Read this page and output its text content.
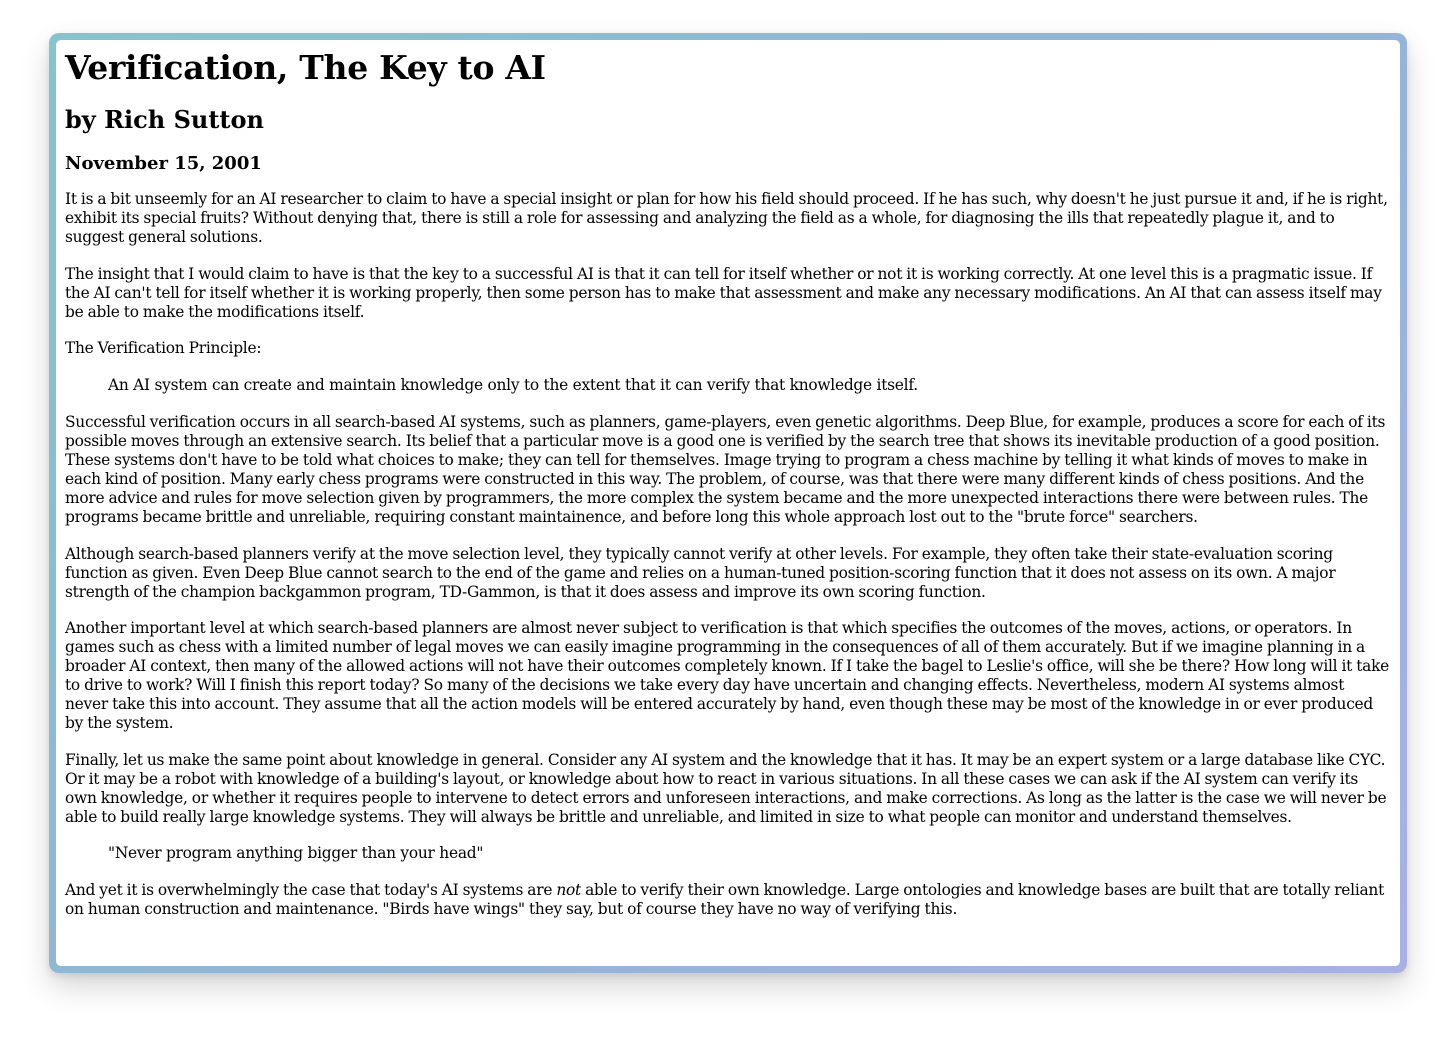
Verification, The Key to AI
by Rich Sutton
November 15, 2001

It is a bit unseemly for an AI researcher to claim to have a special insight or plan for how his field should proceed. If he has such, why doesn't he just pursue it and, if he is right, exhibit its special fruits? Without denying that, there is still a role for assessing and analyzing the field as a whole, for diagnosing the ills that repeatedly plague it, and to suggest general solutions.

The insight that I would claim to have is that the key to a successful AI is that it can tell for itself whether or not it is working correctly. At one level this is a pragmatic issue. If the AI can't tell for itself whether it is working properly, then some person has to make that assessment and make any necessary modifications. An AI that can assess itself may be able to make the modifications itself.

The Verification Principle:

An AI system can create and maintain knowledge only to the extent that it can verify that knowledge itself.

Successful verification occurs in all search-based AI systems, such as planners, game-players, even genetic algorithms. Deep Blue, for example, produces a score for each of its possible moves through an extensive search. Its belief that a particular move is a good one is verified by the search tree that shows its inevitable production of a good position. These systems don't have to be told what choices to make; they can tell for themselves. Image trying to program a chess machine by telling it what kinds of moves to make in each kind of position. Many early chess programs were constructed in this way. The problem, of course, was that there were many different kinds of chess positions. And the more advice and rules for move selection given by programmers, the more complex the system became and the more unexpected interactions there were between rules. The programs became brittle and unreliable, requiring constant maintainence, and before long this whole approach lost out to the "brute force" searchers.

Although search-based planners verify at the move selection level, they typically cannot verify at other levels. For example, they often take their state-evaluation scoring function as given. Even Deep Blue cannot search to the end of the game and relies on a human-tuned position-scoring function that it does not assess on its own. A major strength of the champion backgammon program, TD-Gammon, is that it does assess and improve its own scoring function.

Another important level at which search-based planners are almost never subject to verification is that which specifies the outcomes of the moves, actions, or operators. In games such as chess with a limited number of legal moves we can easily imagine programming in the consequences of all of them accurately. But if we imagine planning in a broader AI context, then many of the allowed actions will not have their outcomes completely known. If I take the bagel to Leslie's office, will she be there? How long will it take to drive to work? Will I finish this report today? So many of the decisions we take every day have uncertain and changing effects. Nevertheless, modern AI systems almost never take this into account. They assume that all the action models will be entered accurately by hand, even though these may be most of the knowledge in or ever produced by the system.

Finally, let us make the same point about knowledge in general. Consider any AI system and the knowledge that it has. It may be an expert system or a large database like CYC. Or it may be a robot with knowledge of a building's layout, or knowledge about how to react in various situations. In all these cases we can ask if the AI system can verify its own knowledge, or whether it requires people to intervene to detect errors and unforeseen interactions, and make corrections. As long as the latter is the case we will never be able to build really large knowledge systems. They will always be brittle and unreliable, and limited in size to what people can monitor and understand themselves.

"Never program anything bigger than your head"

And yet it is overwhelmingly the case that today's AI systems are not able to verify their own knowledge. Large ontologies and knowledge bases are built that are totally reliant on human construction and maintenance. "Birds have wings" they say, but of course they have no way of verifying this.
